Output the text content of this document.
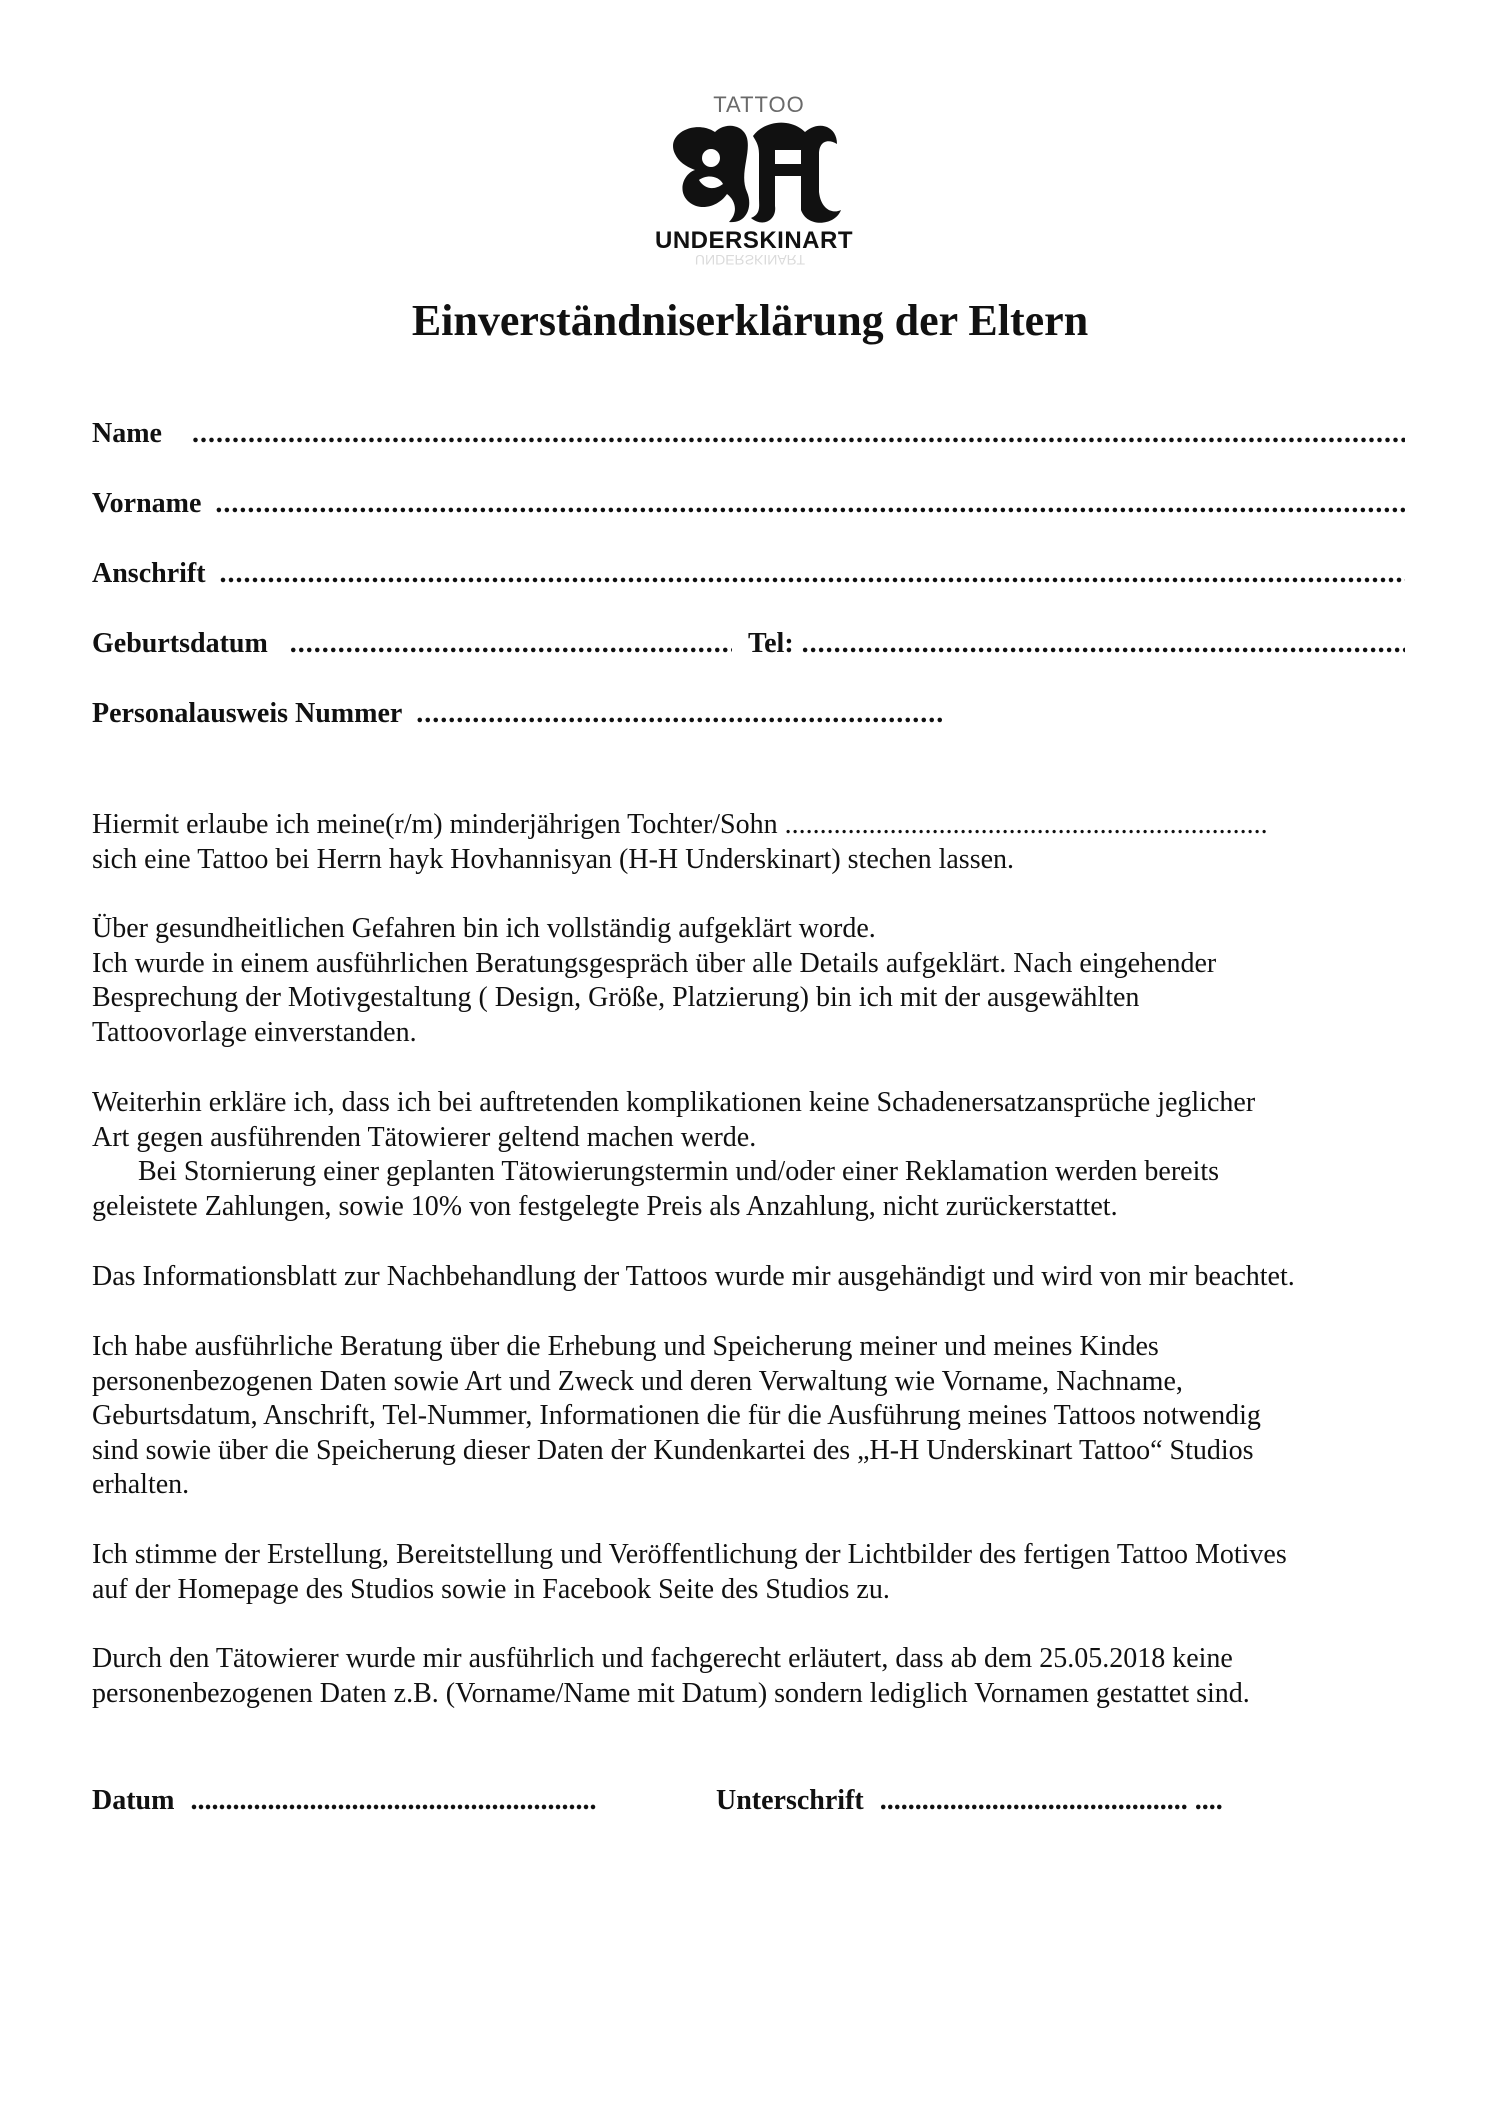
TATTOO
UNDERSKINART
UNDERSKINART
Einverständniserklärung der Eltern
Name
.....
Vorname
.....
Anschrift
.....
Geburtsdatum
.....	Tel:
.....
Personalausweis Nummer
.....

Hiermit erlaube ich meine(r/m) minderjährigen Tochter/Sohn .....................................................................

sich eine Tattoo bei Herrn hayk Hovhannisyan (H-H Underskinart) stechen lassen.

Über gesundheitlichen Gefahren bin ich vollständig aufgeklärt worde.

Ich wurde in einem ausführlichen Beratungsgespräch über alle Details aufgeklärt. Nach eingehender

Besprechung der Motivgestaltung ( Design, Größe, Platzierung) bin ich mit der ausgewählten

Tattoovorlage einverstanden.

Weiterhin erkläre ich, dass ich bei auftretenden komplikationen keine Schadenersatzansprüche jeglicher

Art gegen ausführenden Tätowierer geltend machen werde.

Bei Stornierung einer geplanten Tätowierungstermin und/oder einer Reklamation werden bereits

geleistete Zahlungen, sowie 10% von festgelegte Preis als Anzahlung, nicht zurückerstattet.

Das Informationsblatt zur Nachbehandlung der Tattoos wurde mir ausgehändigt und wird von mir beachtet.

Ich habe ausführliche Beratung über die Erhebung und Speicherung meiner und meines Kindes

personenbezogenen Daten sowie Art und Zweck und deren Verwaltung wie Vorname, Nachname,

Geburtsdatum, Anschrift, Tel-Nummer, Informationen die für die Ausführung meines Tattoos notwendig

sind sowie über die Speicherung dieser Daten der Kundenkartei des „H-H Underskinart Tattoo“ Studios

erhalten.

Ich stimme der Erstellung, Bereitstellung und Veröffentlichung der Lichtbilder des fertigen Tattoo Motives

auf der Homepage des Studios sowie in Facebook Seite des Studios zu.

Durch den Tätowierer wurde mir ausführlich und fachgerecht erläutert, dass ab dem 25.05.2018 keine

personenbezogenen Daten z.B. (Vorname/Name mit Datum) sondern lediglich Vornamen gestattet sind.

Datum ..........................................................	Unterschrift ............................................ ....
